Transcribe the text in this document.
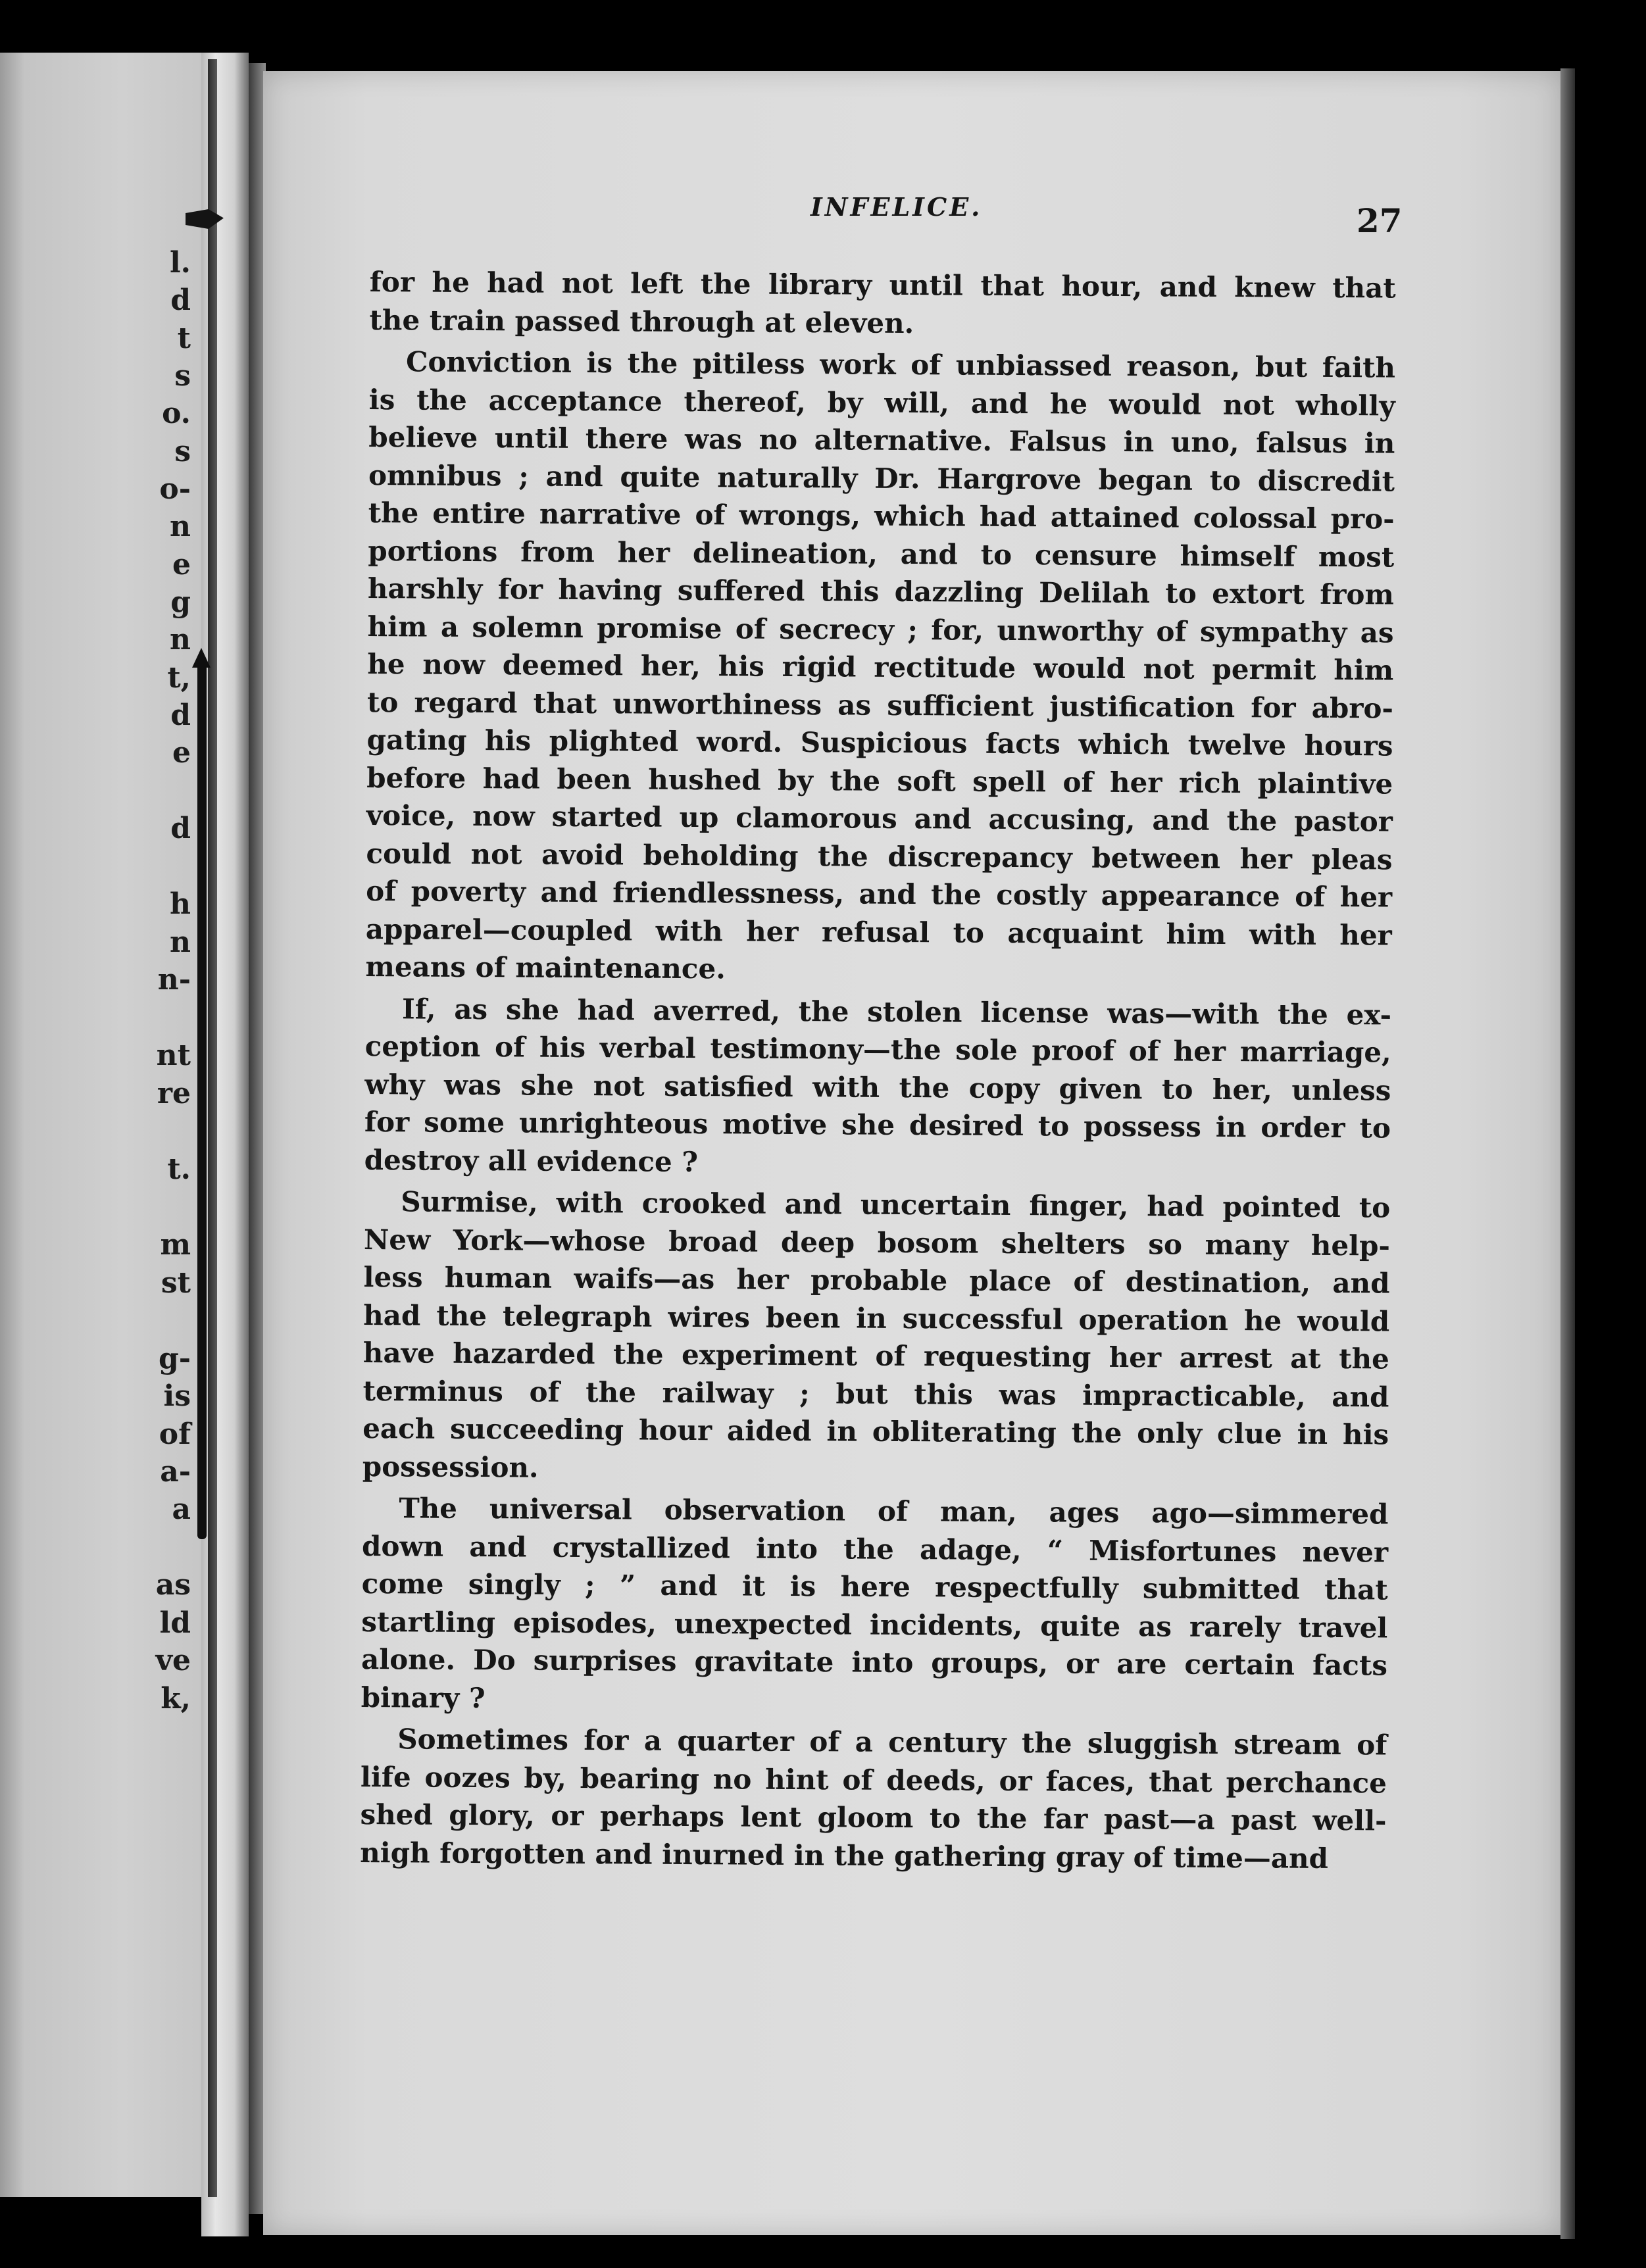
l.
d
t
s
o.
s
o-
n
e
g
n
t,
d
e
d
h
n
n-
nt
re
t.
m
st
g-
is
of
a-
a
as
ld
ve
k,
INFELICE.	27
for he had not left the library until that hour, and knew that
the train passed through at eleven.
Conviction is the pitiless work of unbiassed reason, but faith
is the acceptance thereof, by will, and he would not wholly
believe until there was no alternative. Falsus in uno, falsus in
omnibus ; and quite naturally Dr. Hargrove began to discredit
the entire narrative of wrongs, which had attained colossal pro-
portions from her delineation, and to censure himself most
harshly for having suffered this dazzling Delilah to extort from
him a solemn promise of secrecy ; for, unworthy of sympathy as
he now deemed her, his rigid rectitude would not permit him
to regard that unworthiness as sufficient justification for abro-
gating his plighted word. Suspicious facts which twelve hours
before had been hushed by the soft spell of her rich plaintive
voice, now started up clamorous and accusing, and the pastor
could not avoid beholding the discrepancy between her pleas
of poverty and friendlessness, and the costly appearance of her
apparel—coupled with her refusal to acquaint him with her
means of maintenance.
If, as she had averred, the stolen license was—with the ex-
ception of his verbal testimony—the sole proof of her marriage,
why was she not satisfied with the copy given to her, unless
for some unrighteous motive she desired to possess in order to
destroy all evidence ?
Surmise, with crooked and uncertain finger, had pointed to
New York—whose broad deep bosom shelters so many help-
less human waifs—as her probable place of destination, and
had the telegraph wires been in successful operation he would
have hazarded the experiment of requesting her arrest at the
terminus of the railway ; but this was impracticable, and
each succeeding hour aided in obliterating the only clue in his
possession.
The universal observation of man, ages ago—simmered
down and crystallized into the adage, “ Misfortunes never
come singly ; ” and it is here respectfully submitted that
startling episodes, unexpected incidents, quite as rarely travel
alone. Do surprises gravitate into groups, or are certain facts
binary ?
Sometimes for a quarter of a century the sluggish stream of
life oozes by, bearing no hint of deeds, or faces, that perchance
shed glory, or perhaps lent gloom to the far past—a past well-
nigh forgotten and inurned in the gathering gray of time—and
